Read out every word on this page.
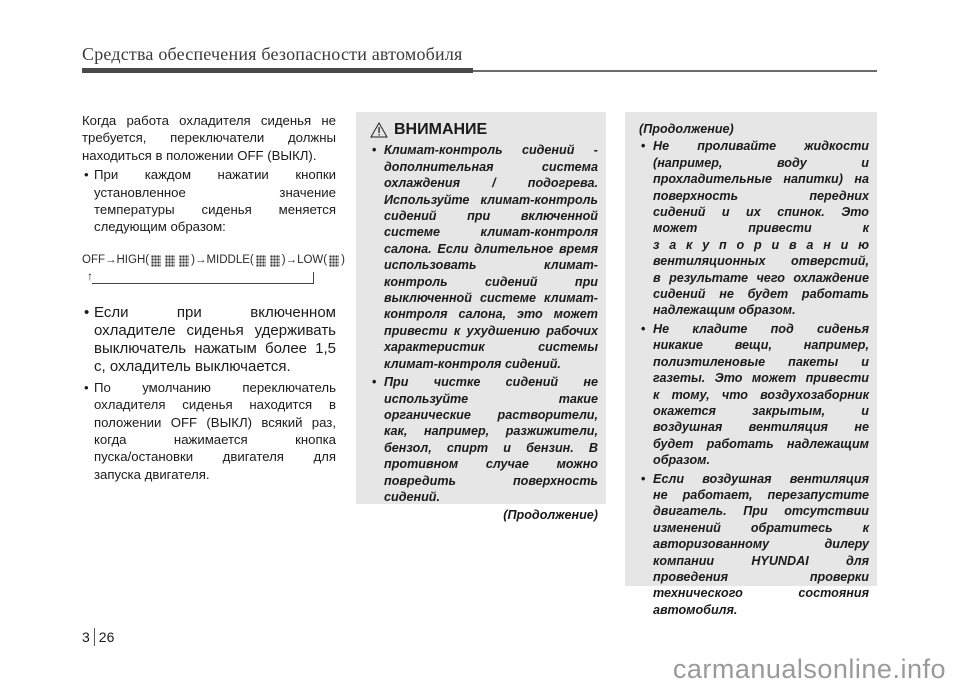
Средства обеспечения безопасности автомобиля
Когда работа охладителя сиденья не
требуется, переключатели должны
находиться в положении OFF (ВЫКЛ).
• При каждом нажатии кнопки
установленное значение
температуры сиденья меняется
следующим образом:
OFF → HIGH(	) → MIDDLE( ) → LOW( )
↑
• Если при включенном
охладителе сиденья удерживать
выключатель нажатым более 1,5
с, охладитель выключается.
• По умолчанию переключатель
охладителя сиденья находится в
положении OFF (ВЫКЛ) всякий раз,
когда нажимается кнопка
пуска/остановки двигателя для
запуска двигателя.
ВНИМАНИЕ
• Климат-контроль сидений -
дополнительная система
охлаждения / подогрева.
Используйте климат-контроль
сидений при включенной
системе климат-контроля
салона. Если длительное время
использовать климат-
контроль сидений при
выключенной системе климат-
контроля салона, это может
привести к ухудшению рабочих
характеристик системы
климат-контроля сидений.
• При чистке сидений не
используйте такие
органические растворители,
как, например, разжижители,
бензол, спирт и бензин. В
противном случае можно
повредить поверхность
сидений.
(Продолжение)
(Продолжение)
• Не проливайте жидкости
(например, воду и
прохладительные напитки) на
поверхность передних
сидений и их спинок. Это
может привести к
з а к у п о р и в а н и ю
вентиляционных отверстий,
в результате чего охлаждение
сидений не будет работать
надлежащим образом.
• Не кладите под сиденья
никакие вещи, например,
полиэтиленовые пакеты и
газеты. Это может привести
к тому, что воздухозаборник
окажется закрытым, и
воздушная вентиляция не
будет работать надлежащим
образом.
• Если воздушная вентиляция
не работает, перезапустите
двигатель. При отсутствии
изменений обратитесь к
авторизованному дилеру
компании HYUNDAI для
проведения проверки
технического состояния
автомобиля.
3 26
carmanualsonline.info
